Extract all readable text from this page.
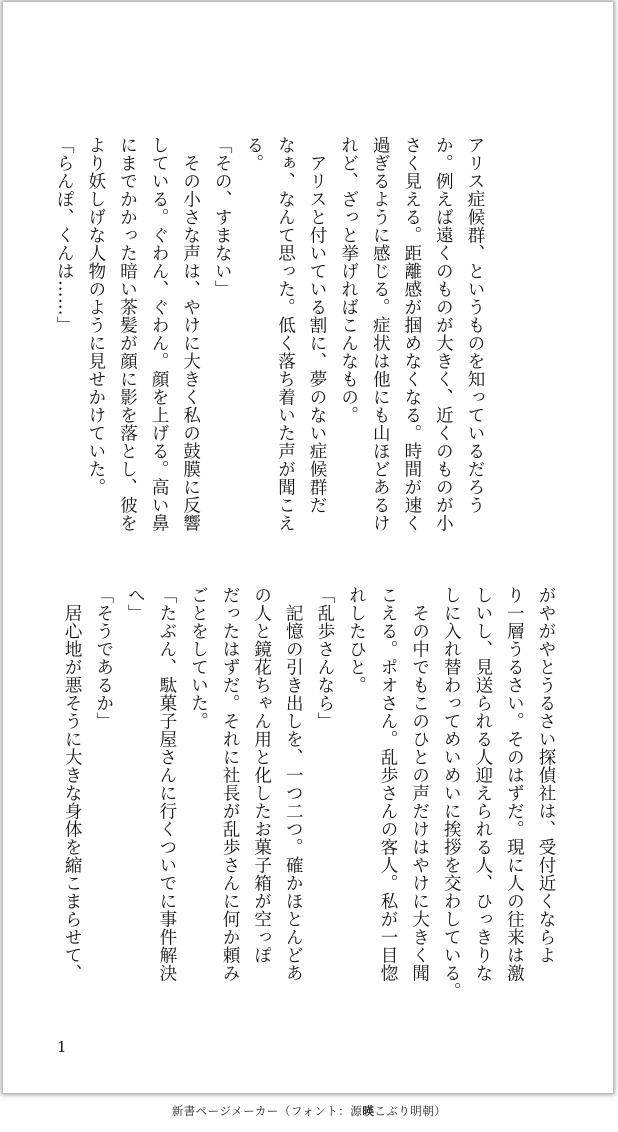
アリス症候群、というものを知っているだろう

か。例えば遠くのものが大きく、近くのものが小

さく見える。距離感が掴めなくなる。時間が速く

過ぎるように感じる。症状は他にも山ほどあるけ

れど、ざっと挙げればこんなもの。

　アリスと付いている割に、夢のない症候群だ

なぁ、なんて思った。低く落ち着いた声が聞こえ

る。

「その、すまない」

　その小さな声は、やけに大きく私の鼓膜に反響

している。ぐわん、ぐわん。顔を上げる。高い鼻

にまでかかった暗い茶髪が顔に影を落とし、彼を

より妖しげな人物のように見せかけていた。

「らんぽ、くんは……」

がやがやとうるさい探偵社は、受付近くならよ

り一層うるさい。そのはずだ。現に人の往来は激

しいし、見送られる人迎えられる人、ひっきりな

しに入れ替わってめいめいに挨拶を交わしている。

　その中でもこのひとの声だけはやけに大きく聞

こえる。ポオさん。乱歩さんの客人。私が一目惚

れしたひと。

「乱歩さんなら」

　記憶の引き出しを、一つ二つ。確かほとんどあ

の人と鏡花ちゃん用と化したお菓子箱が空っぽ

だったはずだ。それに社長が乱歩さんに何か頼み

ごとをしていた。

「たぶん、駄菓子屋さんに行くついでに事件解決

へ」

「そうであるか」

　居心地が悪そうに大きな身体を縮こまらせて、

1
新書ページメーカー（フォント：源暎こぶり明朝）
